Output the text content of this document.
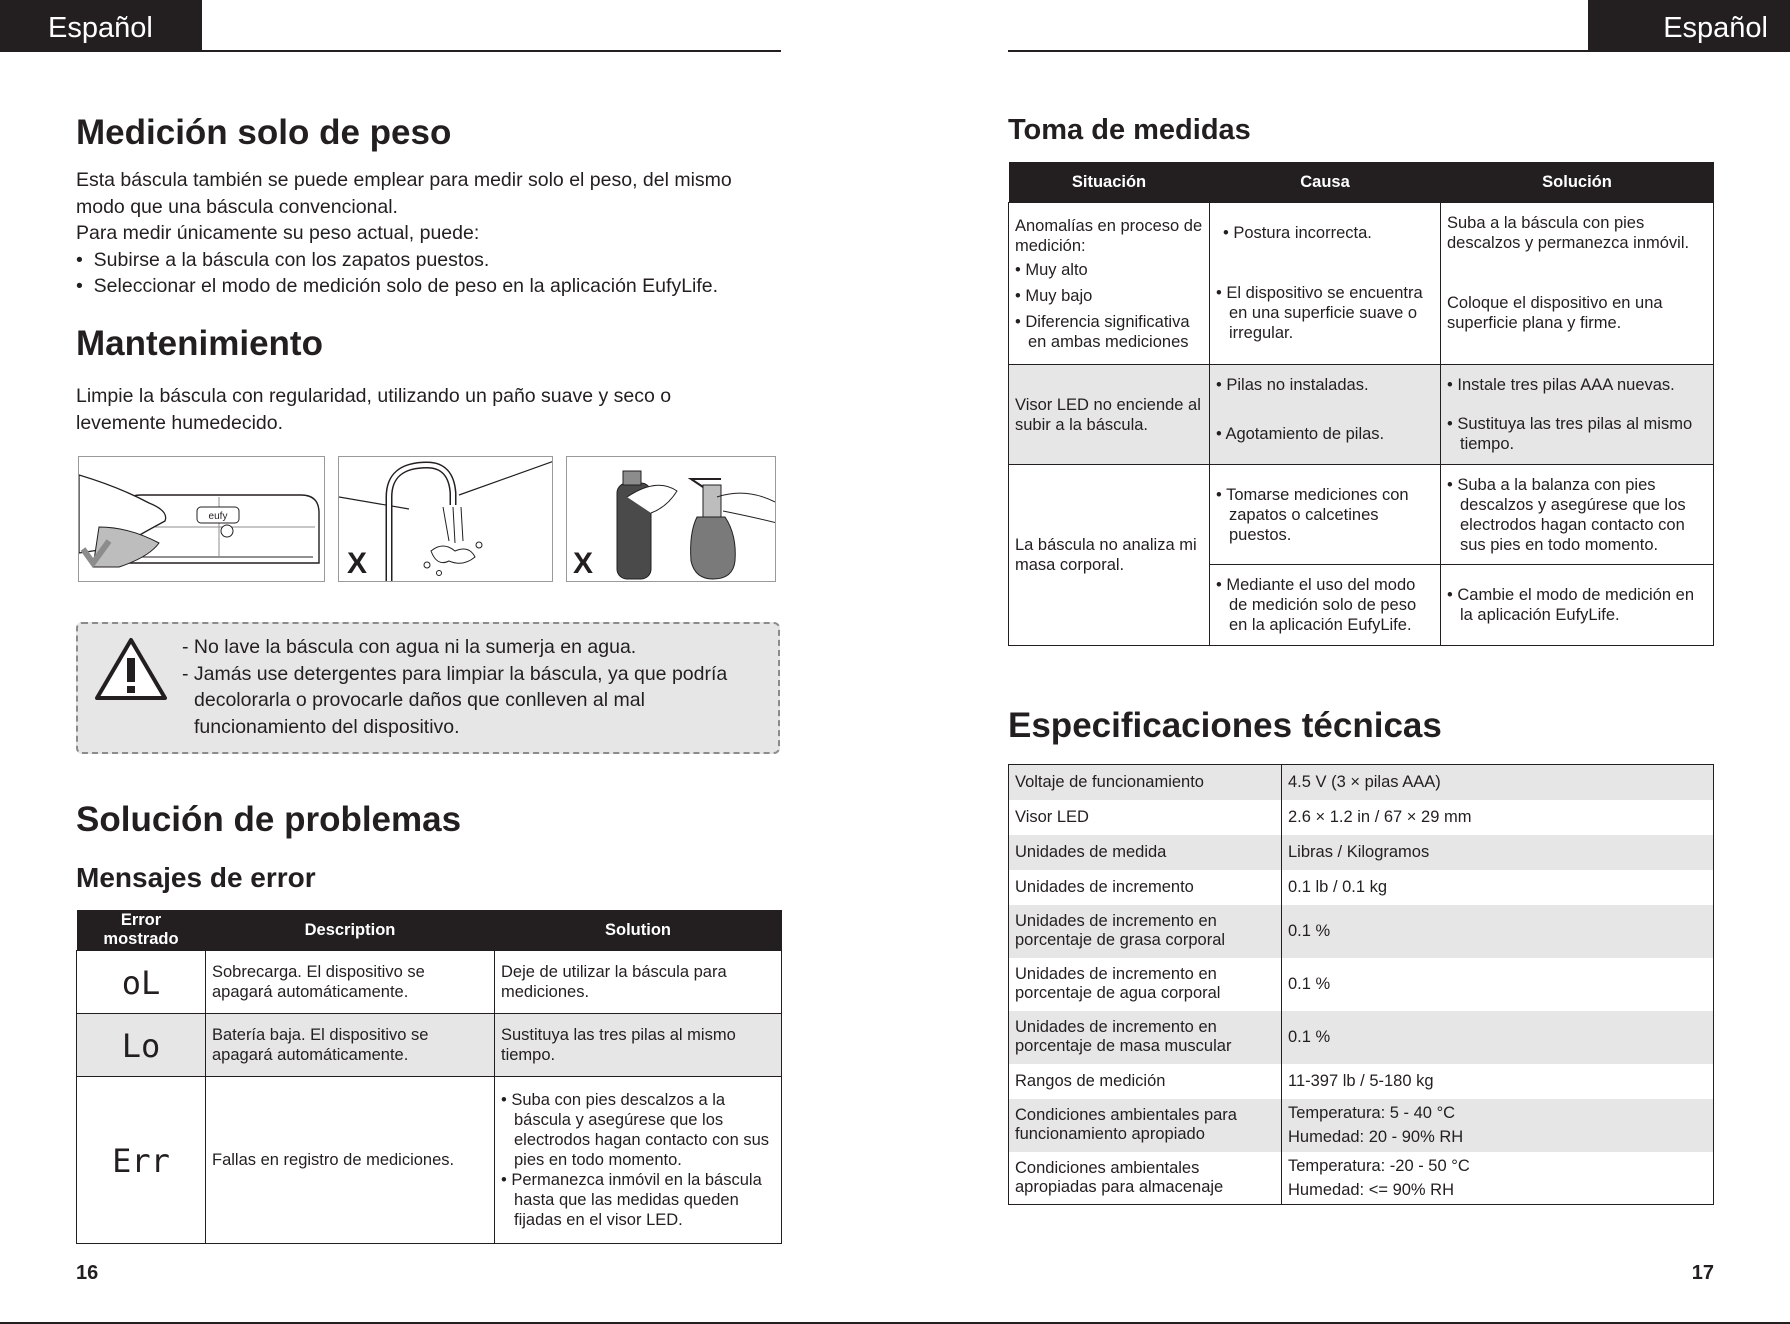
Español	Español
Medición solo de peso

Esta báscula también se puede emplear para medir solo el peso, del mismo modo que una báscula convencional.

Para medir únicamente su peso actual, puede:

•  Subirse a la báscula con los zapatos puestos.

•  Seleccionar el modo de medición solo de peso en la aplicación EufyLife.

Mantenimiento
Limpie la báscula con regularidad, utilizando un paño suave y seco o levemente humedecido.
eufy
X	X
- No lave la báscula con agua ni la sumerja en agua.
- Jamás use detergentes para limpiar la báscula, ya que podría decolorarla o provocarle daños que conlleven al mal funcionamiento del dispositivo.
Solución de problemas
Mensajes de error
Error mostrado	Description	Solution

oL	Sobrecarga. El dispositivo se apagará automáticamente.	Deje de utilizar la báscula para mediciones.

Lo	Batería baja. El dispositivo se apagará automáticamente.	Sustituya las tres pilas al mismo tiempo.

Err	Fallas en registro de mediciones.	• Suba con pies descalzos a la báscula y asegúrese que los electrodos hagan contacto con sus pies en todo momento.
• Permanezca inmóvil en la báscula hasta que las medidas queden fijadas en el visor LED.
16
Toma de medidas
Situación	Causa	Solución

Anomalías en proceso de medición:
• Muy alto
• Muy bajo
• Diferencia significativa en ambas mediciones	• Postura incorrecta.	Suba a la báscula con pies descalzos y permanezca inmóvil.

	• El dispositivo se encuentra en una superficie suave o irregular.	Coloque el dispositivo en una superficie plana y firme.
Visor LED no enciende al subir a la báscula.	• Pilas no instaladas.	• Instale tres pilas AAA nuevas.

	• Agotamiento de pilas.	• Sustituya las tres pilas al mismo tiempo.

La báscula no analiza mi masa corporal.	• Tomarse mediciones con zapatos o calcetines puestos.	• Suba a la balanza con pies descalzos y asegúrese que los electrodos hagan contacto con sus pies en todo momento.

	• Mediante el uso del modo de medición solo de peso en la aplicación EufyLife.	• Cambie el modo de medición en la aplicación EufyLife.
Especificaciones técnicas
Voltaje de funcionamiento	4.5 V (3 × pilas AAA)

Visor LED	2.6 × 1.2 in / 67 × 29 mm

Unidades de medida	Libras / Kilogramos

Unidades de incremento	0.1 lb / 0.1 kg

Unidades de incremento en porcentaje de grasa corporal	0.1 %

Unidades de incremento en porcentaje de agua corporal	0.1 %

Unidades de incremento en porcentaje de masa muscular	0.1 %

Rangos de medición	11-397 lb / 5-180 kg

Condiciones ambientales para funcionamiento apropiado	Temperatura: 5 - 40 °C
Humedad: 20 - 90% RH

Condiciones ambientales apropiadas para almacenaje	Temperatura: -20 - 50 °C
Humedad: <= 90% RH
17
